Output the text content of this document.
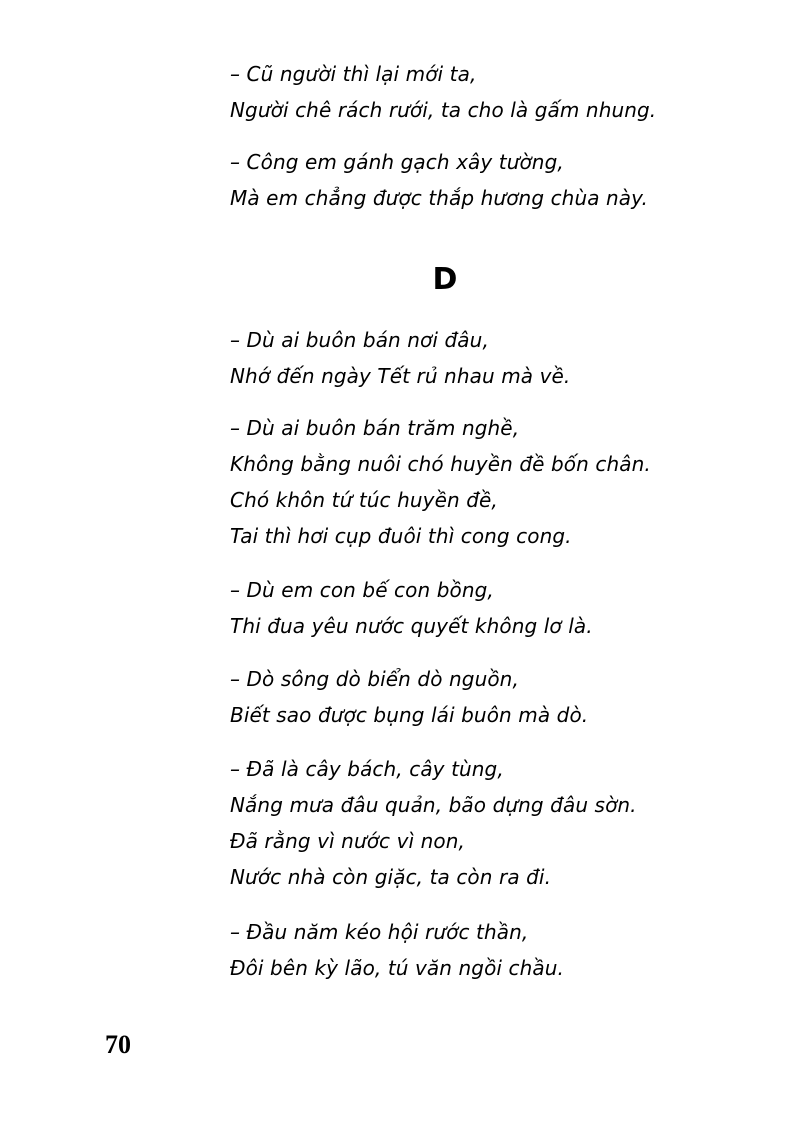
– Cũ người thì lại mới ta,
Người chê rách rưới, ta cho là gấm nhung.
– Công em gánh gạch xây tường,
Mà em chẳng được thắp hương chùa này.
D
– Dù ai buôn bán nơi đâu,
Nhớ đến ngày Tết rủ nhau mà về.
– Dù ai buôn bán trăm nghề,
Không bằng nuôi chó huyền đề bốn chân.
Chó khôn tứ túc huyền đề,
Tai thì hơi cụp đuôi thì cong cong.
– Dù em con bế con bồng,
Thi đua yêu nước quyết không lơ là.
– Dò sông dò biển dò nguồn,
Biết sao được bụng lái buôn mà dò.
– Đã là cây bách, cây tùng,
Nắng mưa đâu quản, bão dựng đâu sờn.
Đã rằng vì nước vì non,
Nước nhà còn giặc, ta còn ra đi.
– Đầu năm kéo hội rước thần,
Đôi bên kỳ lão, tú văn ngồi chầu.
70
